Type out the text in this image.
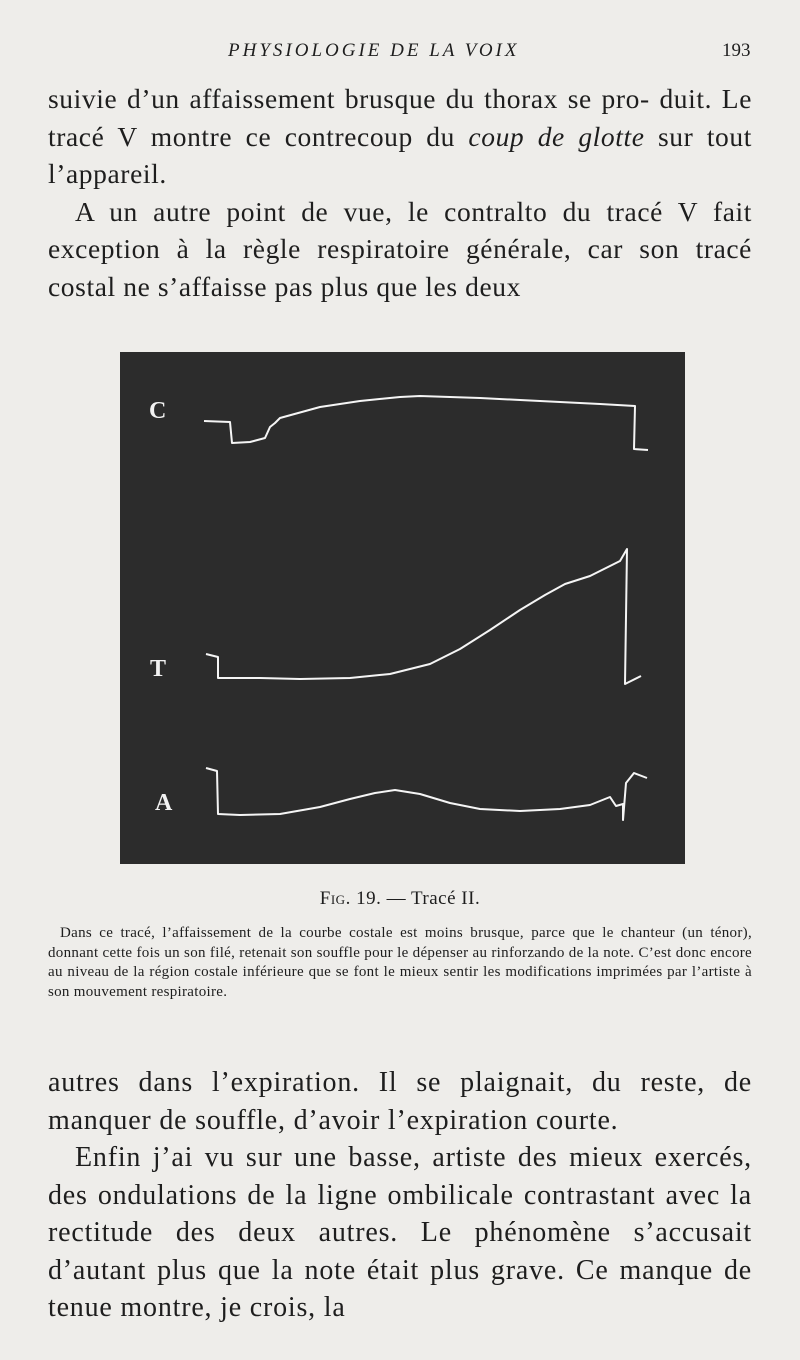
PHYSIOLOGIE DE LA VOIX	193

suivie d’un affaissement brusque du thorax se pro- duit. Le tracé V montre ce contrecoup du coup de glotte sur tout l’appareil.

A un autre point de vue, le contralto du tracé V fait exception à la règle respiratoire générale, car son tracé costal ne s’affaisse pas plus que les deux

C
T
A
Fig. 19. — Tracé II.

Dans ce tracé, l’affaissement de la courbe costale est moins brusque, parce que le chanteur (un ténor), donnant cette fois un son filé, retenait son souffle pour le dépenser au rinforzando de la note. C’est donc encore au niveau de la région costale inférieure que se font le mieux sentir les modifications imprimées par l’artiste à son mouvement respiratoire.

autres dans l’expiration. Il se plaignait, du reste, de manquer de souffle, d’avoir l’expiration courte.

Enfin j’ai vu sur une basse, artiste des mieux exercés, des ondulations de la ligne ombilicale contrastant avec la rectitude des deux autres. Le phénomène s’accusait d’autant plus que la note était plus grave. Ce manque de tenue montre, je crois, la
